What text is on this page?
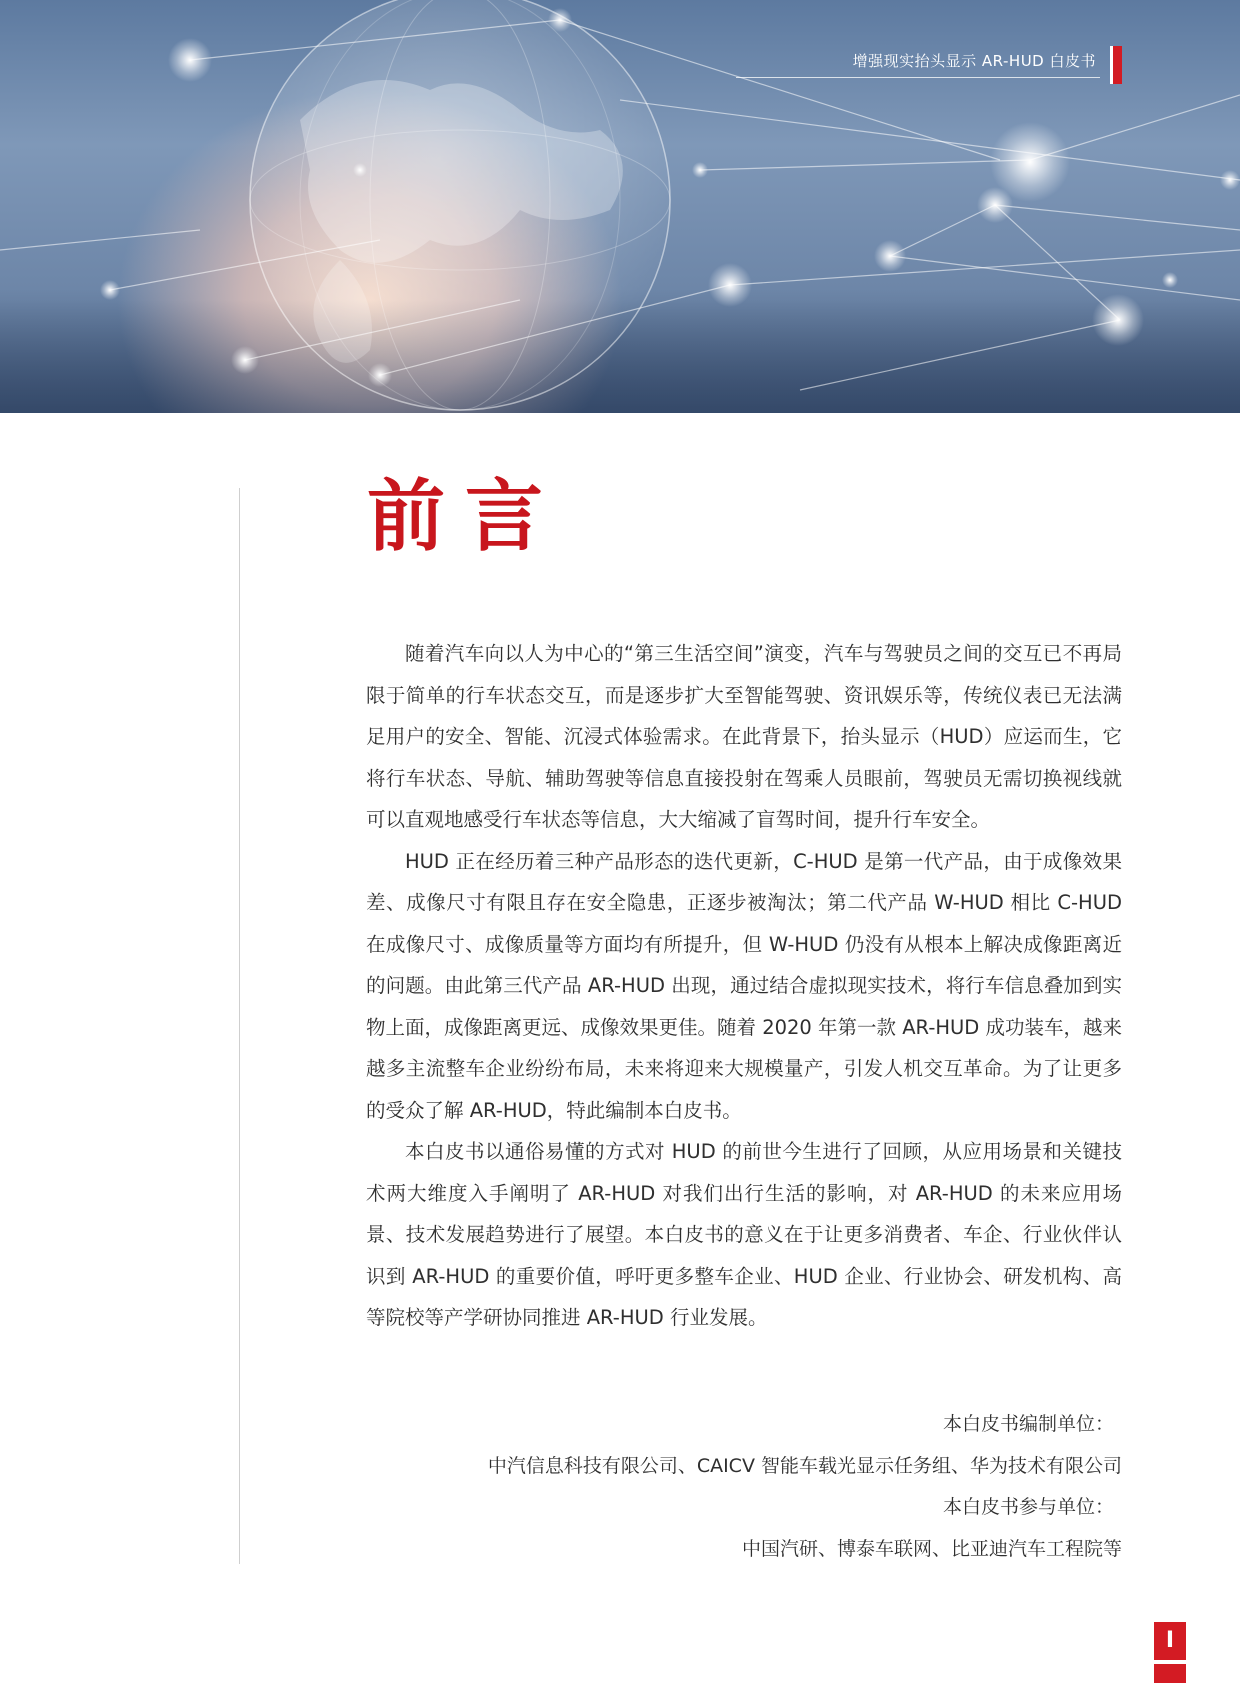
增强现实抬头显示 AR-HUD 白皮书
前言

随着汽车向以人为中心的“第三生活空间”演变，汽车与驾驶员之间的交互已不再局限于简单的行车状态交互，而是逐步扩大至智能驾驶、资讯娱乐等，传统仪表已无法满足用户的安全、智能、沉浸式体验需求。在此背景下，抬头显示（HUD）应运而生，它将行车状态、导航、辅助驾驶等信息直接投射在驾乘人员眼前，驾驶员无需切换视线就可以直观地感受行车状态等信息，大大缩减了盲驾时间，提升行车安全。

HUD 正在经历着三种产品形态的迭代更新，C-HUD 是第一代产品，由于成像效果差、成像尺寸有限且存在安全隐患，正逐步被淘汰；第二代产品 W-HUD 相比 C-HUD 在成像尺寸、成像质量等方面均有所提升，但 W-HUD 仍没有从根本上解决成像距离近的问题。由此第三代产品 AR-HUD 出现，通过结合虚拟现实技术，将行车信息叠加到实物上面，成像距离更远、成像效果更佳。随着 2020 年第一款 AR-HUD 成功装车，越来越多主流整车企业纷纷布局，未来将迎来大规模量产，引发人机交互革命。为了让更多的受众了解 AR-HUD，特此编制本白皮书。

本白皮书以通俗易懂的方式对 HUD 的前世今生进行了回顾，从应用场景和关键技术两大维度入手阐明了 AR-HUD 对我们出行生活的影响，对 AR-HUD 的未来应用场景、技术发展趋势进行了展望。本白皮书的意义在于让更多消费者、车企、行业伙伴认识到 AR-HUD 的重要价值，呼吁更多整车企业、HUD 企业、行业协会、研发机构、高等院校等产学研协同推进 AR-HUD 行业发展。

本白皮书编制单位：
中汽信息科技有限公司、CAICV 智能车载光显示任务组、华为技术有限公司
本白皮书参与单位：
中国汽研、博泰车联网、比亚迪汽车工程院等
I
